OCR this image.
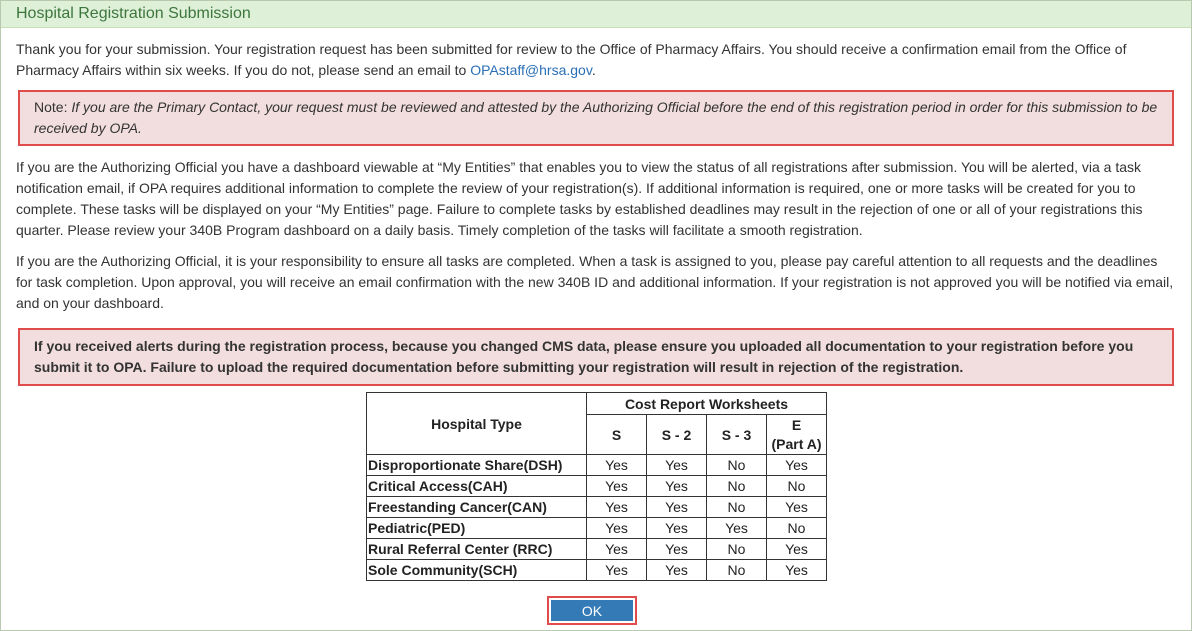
Hospital Registration Submission

Thank you for your submission. Your registration request has been submitted for review to the Office of Pharmacy Affairs. You should receive a confirmation email from the Office of Pharmacy Affairs within six weeks. If you do not, please send an email to OPAstaff@hrsa.gov.

Note: If you are the Primary Contact, your request must be reviewed and attested by the Authorizing Official before the end of this registration period in order for this submission to be received by OPA.

If you are the Authorizing Official you have a dashboard viewable at “My Entities” that enables you to view the status of all registrations after submission. You will be alerted, via a task notification email, if OPA requires additional information to complete the review of your registration(s). If additional information is required, one or more tasks will be created for you to complete. These tasks will be displayed on your “My Entities” page. Failure to complete tasks by established deadlines may result in the rejection of one or all of your registrations this quarter. Please review your 340B Program dashboard on a daily basis. Timely completion of the tasks will facilitate a smooth registration.

If you are the Authorizing Official, it is your responsibility to ensure all tasks are completed. When a task is assigned to you, please pay careful attention to all requests and the deadlines for task completion. Upon approval, you will receive an email confirmation with the new 340B ID and additional information. If your registration is not approved you will be notified via email, and on your dashboard.

If you received alerts during the registration process, because you changed CMS data, please ensure you uploaded all documentation to your registration before you submit it to OPA. Failure to upload the required documentation before submitting your registration will result in rejection of the registration.
Hospital Type	Cost Report Worksheets			
	S	S - 2	S - 3	E
(Part A)
Disproportionate Share(DSH)	Yes	Yes	No	Yes
Critical Access(CAH)	Yes	Yes	No	No
Freestanding Cancer(CAN)	Yes	Yes	No	Yes
Pediatric(PED)	Yes	Yes	Yes	No
Rural Referral Center (RRC)	Yes	Yes	No	Yes
Sole Community(SCH)	Yes	Yes	No	Yes
OK
